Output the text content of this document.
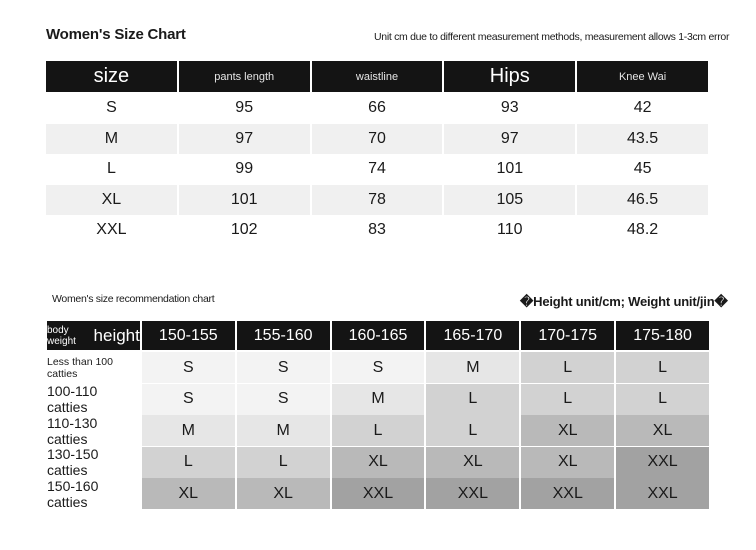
Women's Size Chart	Unit cm due to different measurement methods, measurement allows 1-3cm error
size	pants length	waistline	Hips	Knee Wai
S	95	66	93	42
M	97	70	97	43.5
L	99	74	101	45
XL	101	78	105	46.5
XXL	102	83	110	48.2
Women's size recommendation chart	�Height unit/cm; Weight unit/jin�
body weight	height	150-155	155-160	160-165	165-170	170-175	175-180
Less than 100 catties	S	S	S	M	L	L
100-110 catties	S	S	M	L	L	L
110-130 catties	M	M	L	L	XL	XL
130-150 catties	L	L	XL	XL	XL	XXL
150-160 catties	XL	XL	XXL	XXL	XXL	XXL
